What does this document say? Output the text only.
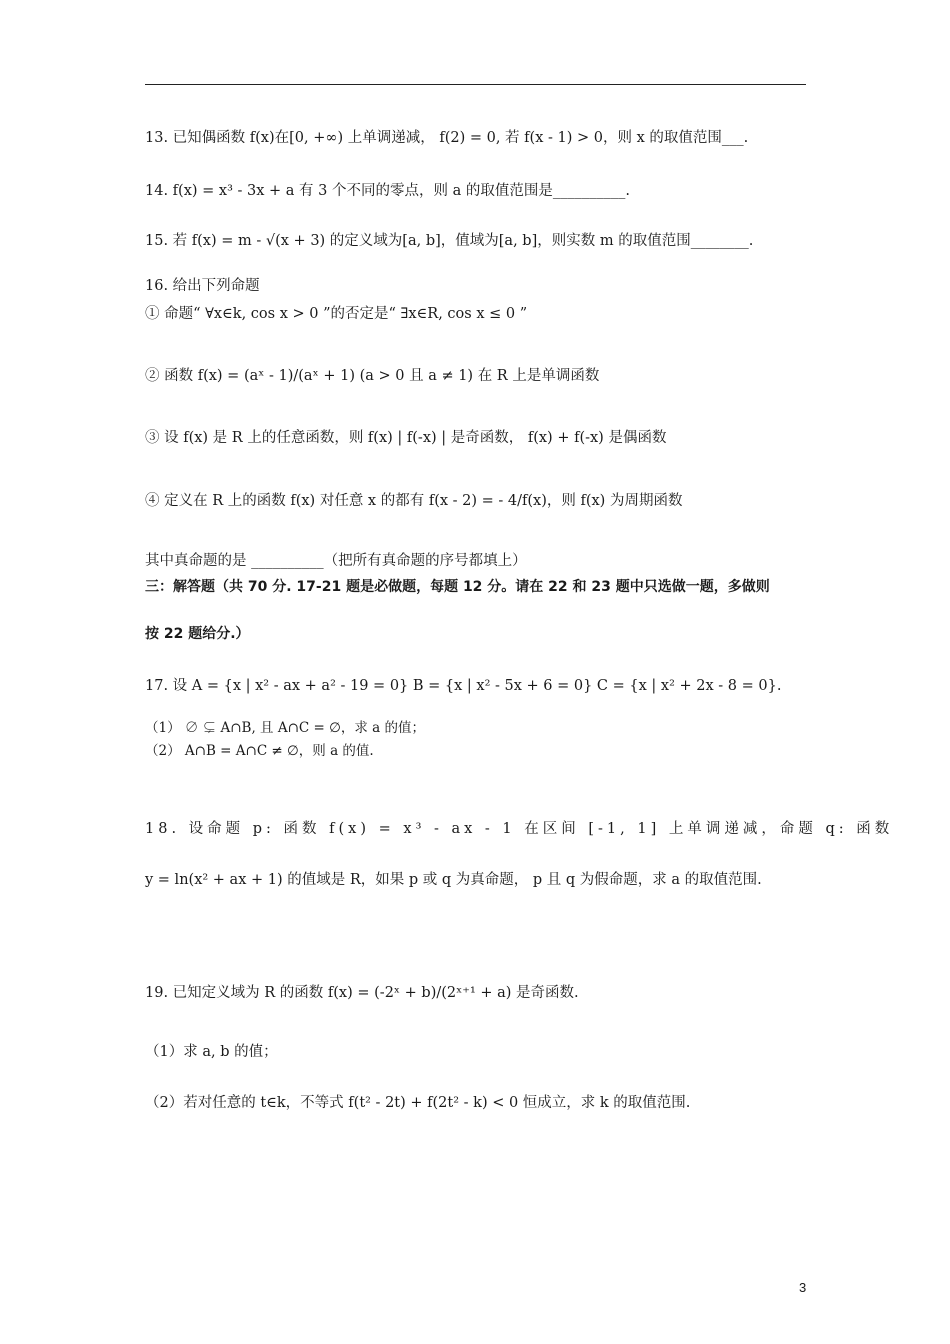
13. 已知偶函数 f(x)在[0, +∞) 上单调递减， f(2) = 0, 若 f(x - 1) > 0，则 x 的取值范围___.
14. f(x) = x³ - 3x + a 有 3 个不同的零点，则 a 的取值范围是__________.
15. 若 f(x) = m - √(x + 3) 的定义域为[a, b]，值域为[a, b]，则实数 m 的取值范围________.
16. 给出下列命题
① 命题“ ∀x∈k, cos x > 0 ”的否定是“ ∃x∈R, cos x ≤ 0 ”
② 函数 f(x) = (aˣ - 1)/(aˣ + 1) (a > 0 且 a ≠ 1) 在 R 上是单调函数
③ 设 f(x) 是 R 上的任意函数，则 f(x) | f(-x) | 是奇函数， f(x) + f(-x) 是偶函数
④ 定义在 R 上的函数 f(x) 对任意 x 的都有 f(x - 2) = - 4/f(x)，则 f(x) 为周期函数
其中真命题的是 __________（把所有真命题的序号都填上）
三：解答题（共 70 分. 17-21 题是必做题，每题 12 分。请在 22 和 23 题中只选做一题，多做则
按 22 题给分.）
17. 设 A = {x | x² - ax + a² - 19 = 0} B = {x | x² - 5x + 6 = 0} C = {x | x² + 2x - 8 = 0}.
（1） ∅ ⊊ A∩B, 且 A∩C = ∅，求 a 的值；
（2） A∩B = A∩C ≠ ∅，则 a 的值.
18. 设命题 p: 函数 f(x) = x³ - ax - 1 在区间 [-1, 1] 上单调递减，命题 q: 函数
y = ln(x² + ax + 1) 的值域是 R，如果 p 或 q 为真命题， p 且 q 为假命题，求 a 的取值范围.
19. 已知定义域为 R 的函数 f(x) = (-2ˣ + b)/(2ˣ⁺¹ + a) 是奇函数.
（1）求 a, b 的值；
（2）若对任意的 t∈k，不等式 f(t² - 2t) + f(2t² - k) < 0 恒成立，求 k 的取值范围.
3
